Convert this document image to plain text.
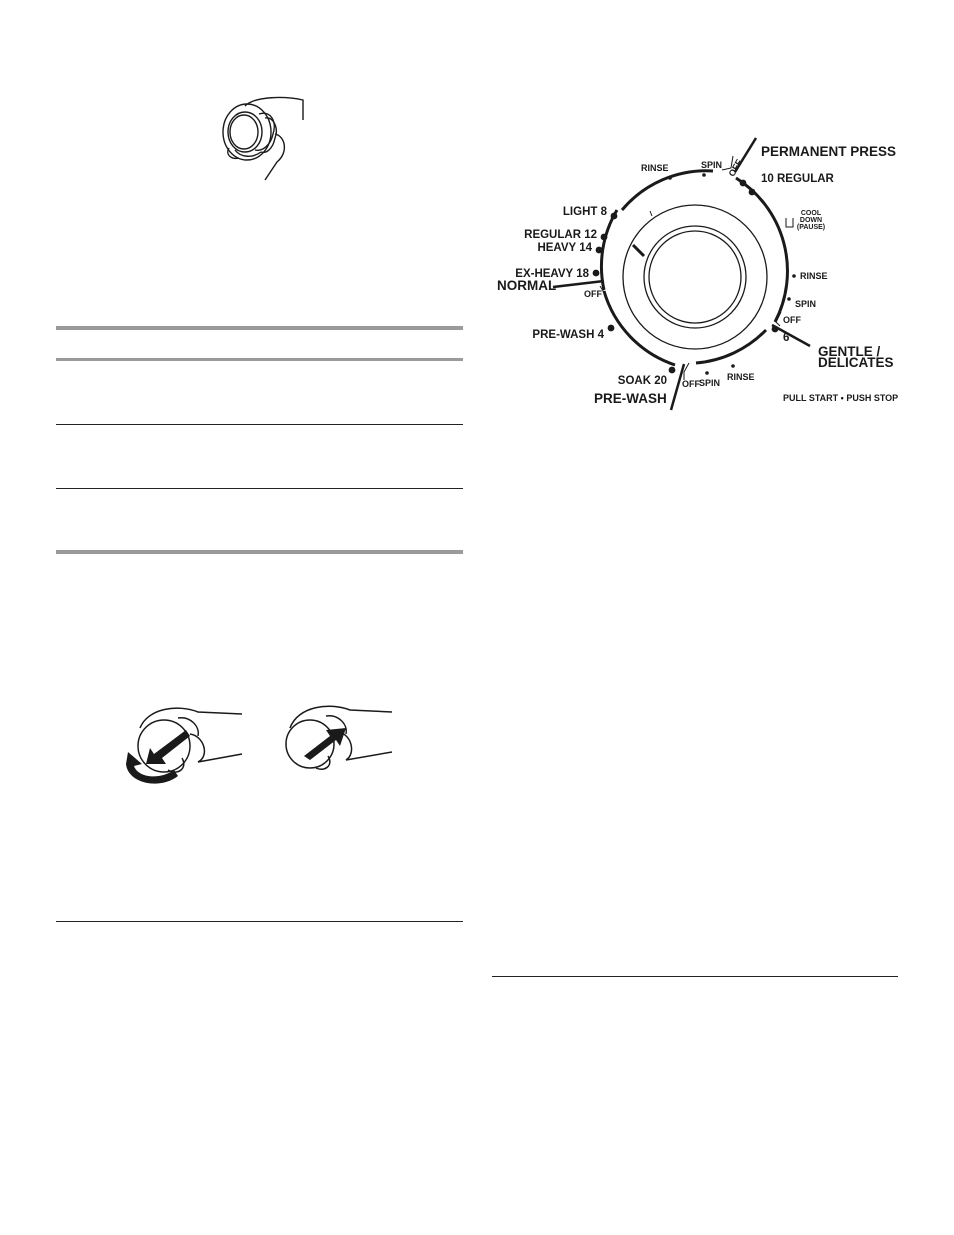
PERMANENT PRESS
NORMAL
GENTLE /
DELICATES
PRE-WASH
10 REGULAR
LIGHT 8
REGULAR 12
HEAVY 14
EX-HEAVY 18
PRE-WASH 4
SOAK 20
6
RINSE	SPIN OFF
COOL
DOWN
(PAUSE)
RINSE
SPIN
OFF
OFF
OFF SPIN
RINSE
PULL START • PUSH STOP
